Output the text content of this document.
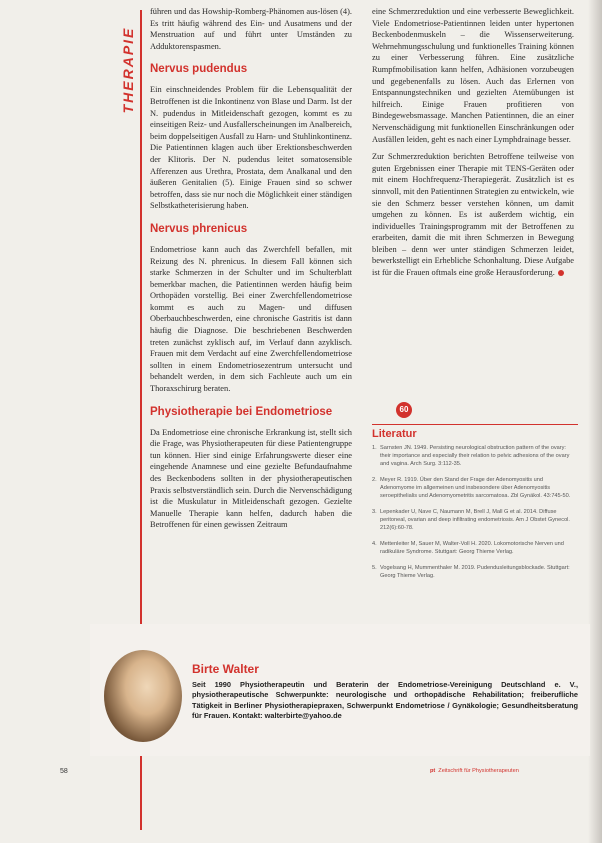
THERAPIE

führen und das Howship-Romberg-Phänomen aus-lösen (4). Es tritt häufig während des Ein- und Ausatmens und der Menstruation auf und führt unter Umständen zu Adduktorenspasmen.

Nervus pudendus

Ein einschneidendes Problem für die Lebensqualität der Betroffenen ist die Inkontinenz von Blase und Darm. Ist der N. pudendus in Mitleidenschaft gezogen, kommt es zu einseitigen Reiz- und Ausfallerscheinungen im Analbereich, beim doppelseitigen Ausfall zu Harn- und Stuhlinkontinenz. Die Patientinnen klagen auch über Erektionsbeschwerden der Klitoris. Der N. pudendus leitet somatosensible Afferenzen aus Urethra, Prostata, dem Analkanal und den äußeren Genitalien (5). Einige Frauen sind so schwer betroffen, dass sie nur noch die Möglichkeit einer ständigen Selbstkatheterisierung haben.

Nervus phrenicus

Endometriose kann auch das Zwerchfell befallen, mit Reizung des N. phrenicus. In diesem Fall können sich starke Schmerzen in der Schulter und im Schulterblatt bemerkbar machen, die Patientinnen werden häufig beim Orthopäden vorstellig. Bei einer Zwerchfellendometriose kommt es auch zu Magen- und diffusen Oberbauchbeschwerden, eine chronische Gastritis ist dann häufig die Diagnose. Die beschriebenen Beschwerden treten zunächst zyklisch auf, im Verlauf dann azyklisch. Frauen mit dem Verdacht auf eine Zwerchfellendometriose sollten in einem Endometriosezentrum untersucht und behandelt werden, in dem sich Fachleute auch um ein Thoraxschirurg beraten.

Physiotherapie bei Endometriose

Da Endometriose eine chronische Erkrankung ist, stellt sich die Frage, was Physiotherapeuten für diese Patientengruppe tun können. Hier sind einige Erfahrungswerte dieser eine eingehende Anamnese und eine gezielte Befundaufnahme des Beckenbodens sollten in der physiotherapeutischen Praxis selbstverständlich sein. Durch die Nervenschädigung ist die Muskulatur in Mitleidenschaft gezogen. Gezielte Manuelle Therapie kann helfen, dadurch haben die Betroffenen für einen gewissen Zeitraum

eine Schmerzreduktion und eine verbesserte Beweglichkeit. Viele Endometriose-Patientinnen leiden unter hypertonen Beckenbodenmuskeln – die Wissenserweiterung. Wehrnehmungsschulung und funktionelles Training können zu einer Verbesserung führen. Eine zusätzliche Rumpfmobilisation kann helfen, Adhäsionen vorzubeugen und gegebenenfalls zu lösen. Auch das Erlernen von Entspannungstechniken und gezielten Atemübungen ist hilfreich. Einige Frauen profitieren von Bindegewebsmassage. Manchen Patientinnen, die an einer Nervenschädigung mit funktionellen Einschränkungen oder Ausfällen leiden, geht es nach einer Lymphdrainage besser.

Zur Schmerzreduktion berichten Betroffene teilweise von guten Ergebnissen einer Therapie mit TENS-Geräten oder mit einem Hochfrequenz-Therapiegerät. Zusätzlich ist es sinnvoll, mit den Patientinnen Strategien zu entwickeln, wie sie den Schmerz besser verstehen können, um damit umgehen zu können. Es ist außerdem wichtig, ein individuelles Trainingsprogramm mit der Betroffenen zu erarbeiten, damit die mit ihren Schmerzen in Bewegung bleiben – denn wer unter ständigen Schmerzen leidet, bewerkstelligt ein Erhebliche Schonhaltung. Diese Aufgabe ist für die Frauen oftmals eine große Herausforderung.

60
Literatur
1. Sarnsten JN. 1949. Persisting neurological obstruction pattern of the ovary: their importance and especially their relation to pelvic adhesions of the ovary and vagina. Arch Surg. 3:112-35.
2. Meyer R. 1919. Über den Stand der Frage der Adenomyositis und Adenomyome im allgemeinen und insbesondere über Adenomyositis seroepithelialis und Adenomyometritis sarcomatosa. Zbl Gynäkol. 43:745-50.
3. Lepenkader U, Nave C, Naumann M, Brell J, Mall G et al. 2014. Diffuse peritoneal, ovarian and deep infiltrating endometriosis. Am J Obstet Gynecol. 212(6):60-78.
4. Mettenleiter M, Sauer M, Walter-Voll H. 2020. Lokomotorische Nerven und radikuläre Syndrome. Stuttgart: Georg Thieme Verlag.
5. Vogelsang H, Mummenthaler M. 2019. Pudendusleitungsblockade. Stuttgart: Georg Thieme Verlag.
Birte Walter
Seit 1990 Physiotherapeutin und Beraterin der Endometriose-Vereinigung Deutschland e. V., physiotherapeutische Schwerpunkte: neurologische und orthopädische Rehabilitation; freiberufliche Tätigkeit in Berliner Physiotherapiepraxen, Schwerpunkt Endometriose / Gynäkologie; Gesundheitsberatung für Frauen. Kontakt: walterbirte@yahoo.de
58	pt Zeitschrift für Physiotherapeuten
